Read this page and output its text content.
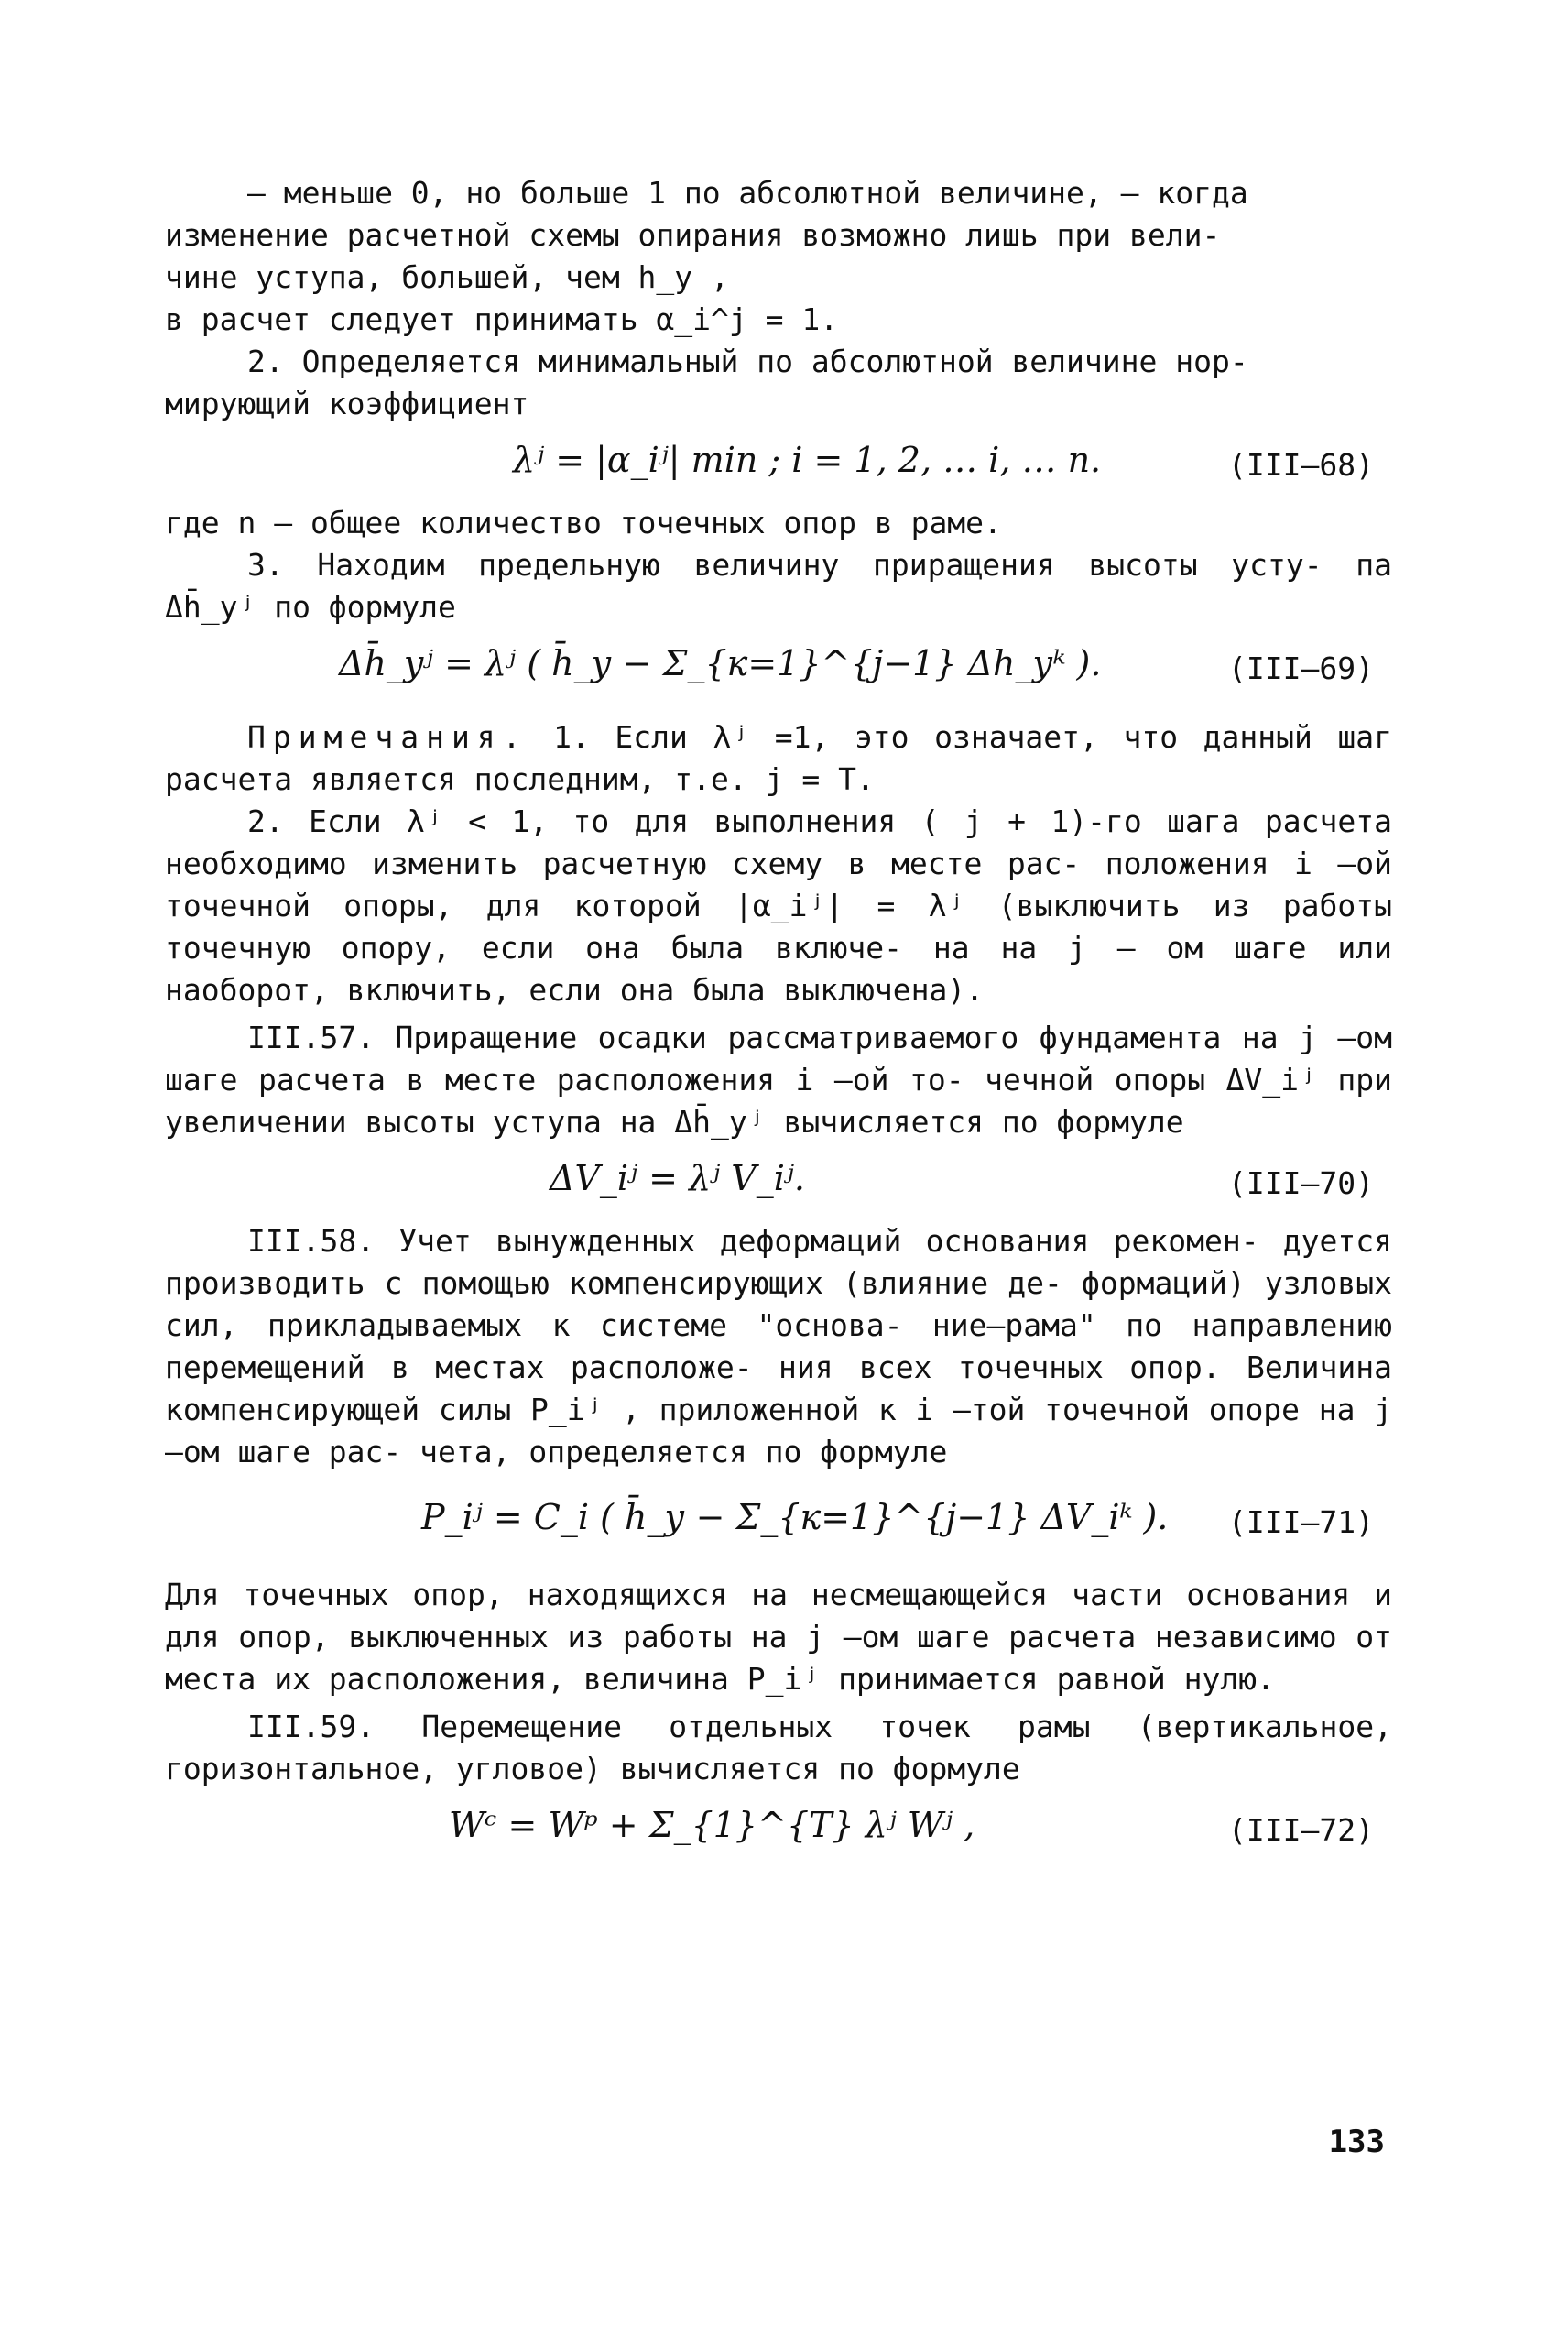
– меньше 0, но больше 1 по абсолютной величине, – когда

изменение расчетной схемы опирания возможно лишь при вели-

чине уступа, большей, чем h_у ,

в расчет следует принимать α_i^j = 1.

2. Определяется минимальный по абсолютной величине нор-

мирующий коэффициент

λʲ = |α_iʲ| min ; i = 1, 2, … i, … n.	(III–68)

где n – общее количество точечных опор в раме.

3. Находим предельную величину приращения высоты усту- па Δh̄_уʲ по формуле

Δh̄_уʲ = λʲ ( h̄_у − Σ_{к=1}^{j−1} Δh_уᵏ ).	(III–69)

Примечания. 1. Если λʲ =1, это означает, что данный шаг расчета является последним, т.е. j = T.

2. Если λʲ < 1, то для выполнения ( j + 1)-го шага расчета необходимо изменить расчетную схему в месте рас- положения i –ой точечной опоры, для которой |α_iʲ| = λʲ (выключить из работы точечную опору, если она была включе- на на j – ом шаге или наоборот, включить, если она была выключена).

III.57. Приращение осадки рассматриваемого фундамента на j –ом шаге расчета в месте расположения i –ой то- чечной опоры ΔV_iʲ при увеличении высоты уступа на Δh̄_уʲ вычисляется по формуле

ΔV_iʲ = λʲ V_iʲ.	(III–70)

III.58. Учет вынужденных деформаций основания рекомен- дуется производить с помощью компенсирующих (влияние де- формаций) узловых сил, прикладываемых к системе "основа- ние–рама" по направлению перемещений в местах расположе- ния всех точечных опор. Величина компенсирующей силы P_iʲ , приложенной к i –той точечной опоре на j –ом шаге рас- чета, определяется по формуле

P_iʲ = C_i ( h̄_у − Σ_{к=1}^{j−1} ΔV_iᵏ ). (III–71)

Для точечных опор, находящихся на несмещающейся части основания и для опор, выключенных из работы на j –ом шаге расчета независимо от места их расположения, величина P_iʲ принимается равной нулю.

III.59. Перемещение отдельных точек рамы (вертикальное, горизонтальное, угловое) вычисляется по формуле

Wᶜ = Wᵖ + Σ_{1}^{T} λʲ Wʲ ,	(III–72)
133
